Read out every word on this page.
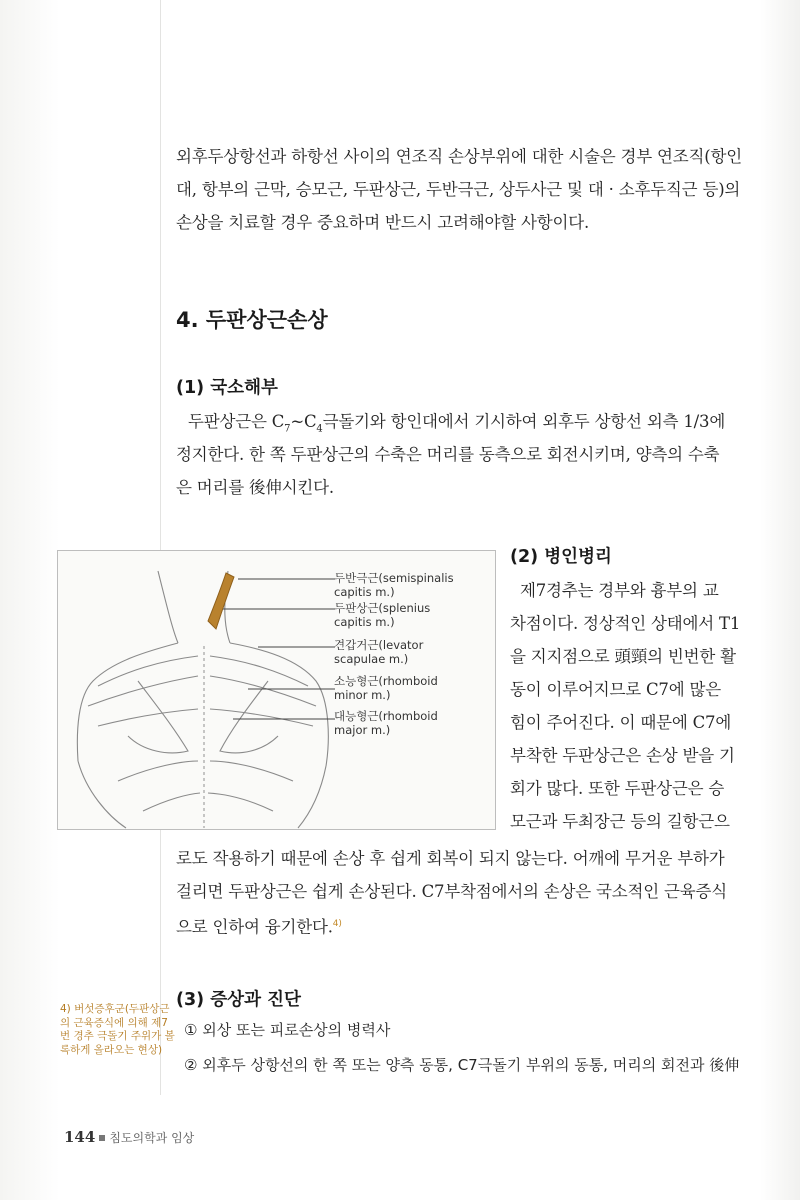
외후두상항선과 하항선 사이의 연조직 손상부위에 대한 시술은 경부 연조직(항인

대, 항부의 근막, 승모근, 두판상근, 두반극근, 상두사근 및 대 · 소후두직근 등)의

손상을 치료할 경우 중요하며 반드시 고려해야할 사항이다.

4. 두판상근손상
(1) 국소해부

두판상근은 $C_7\sim C_4$극돌기와 항인대에서 기시하여 외후두 상항선 외측 1/3에

정지한다. 한 쪽 두판상근의 수축은 머리를 동측으로 회전시키며, 양측의 수축

은 머리를 後伸시킨다.

두반극근(semispinalis
capitis m.)
두판상근(splenius
capitis m.)
견갑거근(levator
scapulae m.)
소능형근(rhomboid
minor m.)
대능형근(rhomboid
major m.)
(2) 병인병리

제7경추는 경부와 흉부의 교

차점이다. 정상적인 상태에서 T1

을 지지점으로 頭頸의 빈번한 활

동이 이루어지므로 C7에 많은

힘이 주어진다. 이 때문에 C7에

부착한 두판상근은 손상 받을 기

회가 많다. 또한 두판상근은 승

모근과 두최장근 등의 길항근으

로도 작용하기 때문에 손상 후 쉽게 회복이 되지 않는다. 어깨에 무거운 부하가

걸리면 두판상근은 쉽게 손상된다. C7부착점에서의 손상은 국소적인 근육증식

으로 인하여 융기한다.$^{4)}$

4) 버섯증후군(두판상근의 근육증식에 의해 제7번 경추 극돌기 주위가 볼록하게 올라오는 현상)
(3) 증상과 진단

① 외상 또는 피로손상의 병력사

② 외후두 상항선의 한 쪽 또는 양측 동통, C7극돌기 부위의 동통, 머리의 회전과 後伸

144 침도의학과 임상
